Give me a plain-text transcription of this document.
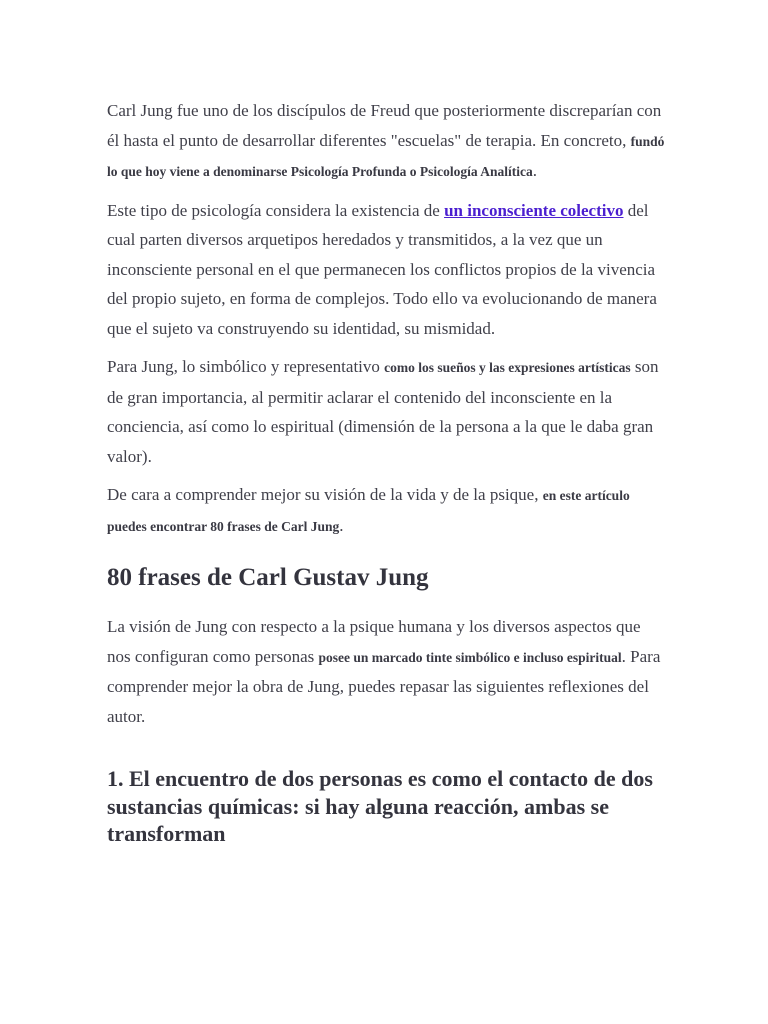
Carl Jung fue uno de los discípulos de Freud que posteriormente discreparían con él hasta el punto de desarrollar diferentes "escuelas" de terapia. En concreto, fundó lo que hoy viene a denominarse Psicología Profunda o Psicología Analítica.

Este tipo de psicología considera la existencia de un inconsciente colectivo del cual parten diversos arquetipos heredados y transmitidos, a la vez que un inconsciente personal en el que permanecen los conflictos propios de la vivencia del propio sujeto, en forma de complejos. Todo ello va evolucionando de manera que el sujeto va construyendo su identidad, su mismidad.

Para Jung, lo simbólico y representativo como los sueños y las expresiones artísticas son de gran importancia, al permitir aclarar el contenido del inconsciente en la conciencia, así como lo espiritual (dimensión de la persona a la que le daba gran valor).

De cara a comprender mejor su visión de la vida y de la psique, en este artículo puedes encontrar 80 frases de Carl Jung.

80 frases de Carl Gustav Jung

La visión de Jung con respecto a la psique humana y los diversos aspectos que nos configuran como personas posee un marcado tinte simbólico e incluso espiritual. Para comprender mejor la obra de Jung, puedes repasar las siguientes reflexiones del autor.

1. El encuentro de dos personas es como el contacto de dos sustancias químicas: si hay alguna reacción, ambas se transforman
